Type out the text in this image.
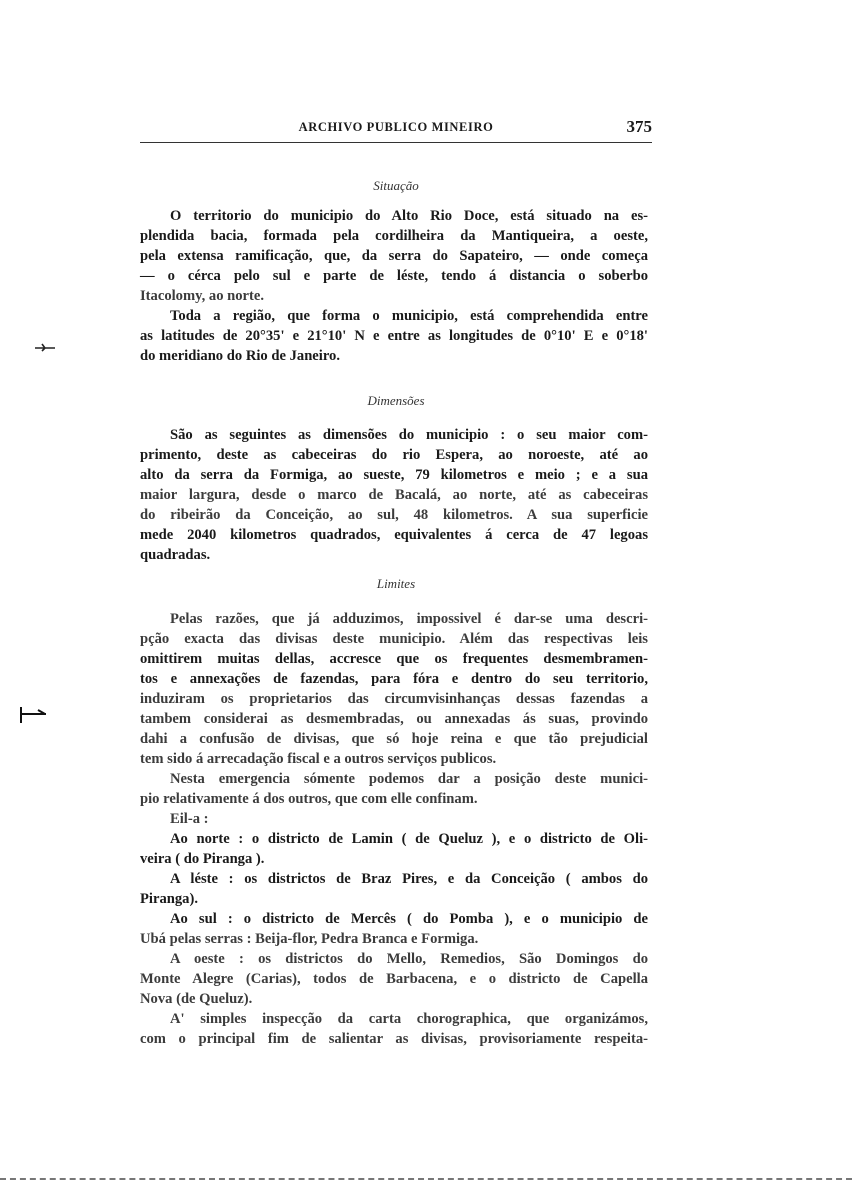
ARCHIVO PUBLICO MINEIRO	375
Situação
O territorio do municipio do Alto Rio Doce, está situado na es-
plendida bacia, formada pela cordilheira da Mantiqueira, a oeste,
pela extensa ramificação, que, da serra do Sapateiro, — onde começa
— o cérca pelo sul e parte de léste, tendo á distancia o soberbo
Itacolomy, ao norte.
Toda a região, que forma o municipio, está comprehendida entre
as latitudes de 20°35' e 21°10' N e entre as longitudes de 0°10' E e 0°18'
do meridiano do Rio de Janeiro.
Dimensões
São as seguintes as dimensões do municipio : o seu maior com-
primento, deste as cabeceiras do rio Espera, ao noroeste, até ao
alto da serra da Formiga, ao sueste, 79 kilometros e meio ; e a sua
maior largura, desde o marco de Bacalá, ao norte, até as cabeceiras
do ribeirão da Conceição, ao sul, 48 kilometros. A sua superficie
mede 2040 kilometros quadrados, equivalentes á cerca de 47 legoas
quadradas.
Limites
Pelas razões, que já adduzimos, impossivel é dar-se uma descri-
pção exacta das divisas deste municipio. Além das respectivas leis
omittirem muitas dellas, accresce que os frequentes desmembramen-
tos e annexações de fazendas, para fóra e dentro do seu territorio,
induziram os proprietarios das circumvisinhanças dessas fazendas a
tambem considerai as desmembradas, ou annexadas ás suas, provindo
dahi a confusão de divisas, que só hoje reina e que tão prejudicial
tem sido á arrecadação fiscal e a outros serviços publicos.
Nesta emergencia sómente podemos dar a posição deste munici-
pio relativamente á dos outros, que com elle confinam.
Eil-a :
Ao norte : o districto de Lamin ( de Queluz ), e o districto de Oli-
veira ( do Piranga ).
A léste : os districtos de Braz Pires, e da Conceição ( ambos do
Piranga).
Ao sul : o districto de Mercês ( do Pomba ), e o municipio de
Ubá pelas serras : Beija-flor, Pedra Branca e Formiga.
A oeste : os districtos do Mello, Remedios, São Domingos do
Monte Alegre (Carias), todos de Barbacena, e o districto de Capella
Nova (de Queluz).
A' simples inspecção da carta chorographica, que organizámos,
com o principal fim de salientar as divisas, provisoriamente respeita-
